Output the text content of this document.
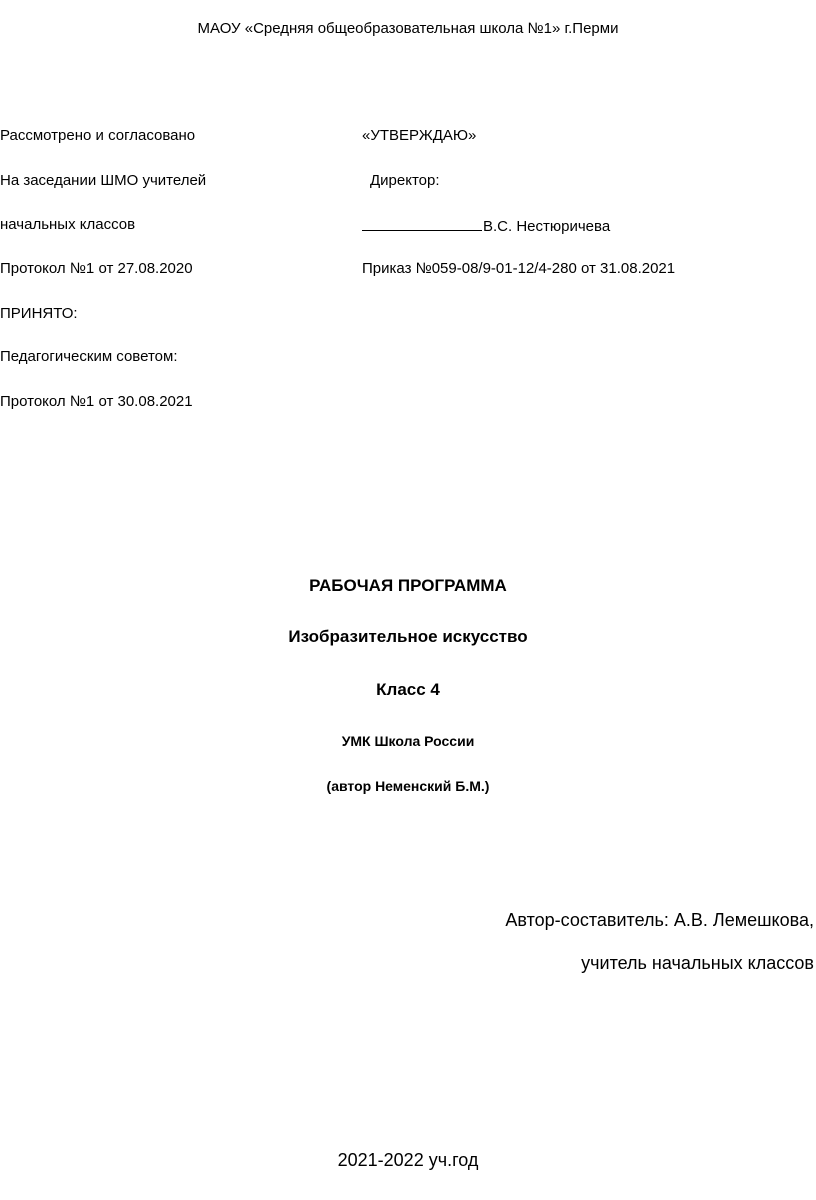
МАОУ «Средняя общеобразовательная школа №1» г.Перми
Рассмотрено и согласовано
На заседании ШМО учителей
начальных классов
Протокол №1 от 27.08.2020
ПРИНЯТО:
Педагогическим советом:
Протокол №1 от 30.08.2021
«УТВЕРЖДАЮ»
Директор:
В.С. Нестюричева
Приказ №059-08/9-01-12/4-280 от 31.08.2021
РАБОЧАЯ ПРОГРАММА
Изобразительное искусство
Класс 4
УМК Школа России
(автор Неменский Б.М.)
Автор-составитель: А.В. Лемешкова,
учитель начальных классов
2021-2022 уч.год
